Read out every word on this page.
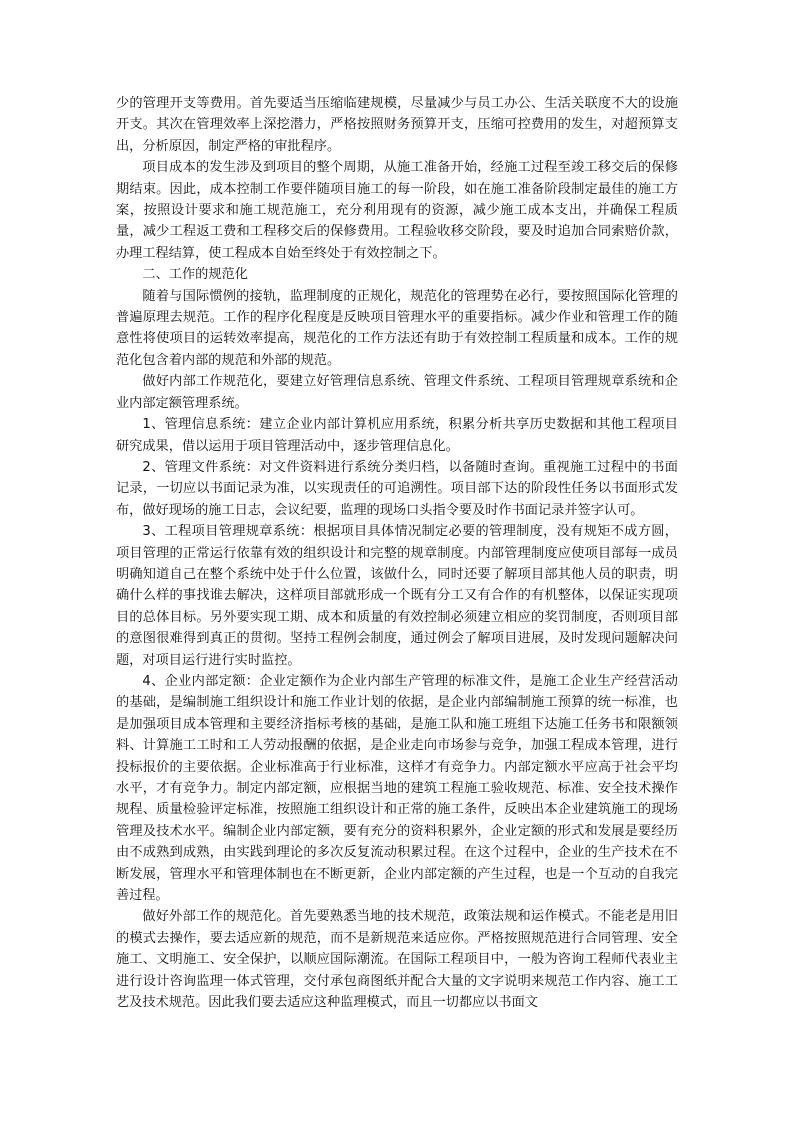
少的管理开支等费用。首先要适当压缩临建规模，尽量减少与员工办公、生活关联度不大的设施开支。其次在管理效率上深挖潜力，严格按照财务预算开支，压缩可控费用的发生，对超预算支出，分析原因，制定严格的审批程序。

项目成本的发生涉及到项目的整个周期，从施工准备开始，经施工过程至竣工移交后的保修期结束。因此，成本控制工作要伴随项目施工的每一阶段，如在施工准备阶段制定最佳的施工方案，按照设计要求和施工规范施工，充分利用现有的资源，减少施工成本支出，并确保工程质量，减少工程返工费和工程移交后的保修费用。工程验收移交阶段，要及时追加合同索赔价款，办理工程结算，使工程成本自始至终处于有效控制之下。

二、工作的规范化

随着与国际惯例的接轨，监理制度的正规化，规范化的管理势在必行，要按照国际化管理的普遍原理去规范。工作的程序化程度是反映项目管理水平的重要指标。减少作业和管理工作的随意性将使项目的运转效率提高，规范化的工作方法还有助于有效控制工程质量和成本。工作的规范化包含着内部的规范和外部的规范。

做好内部工作规范化，要建立好管理信息系统、管理文件系统、工程项目管理规章系统和企业内部定额管理系统。

1、管理信息系统：建立企业内部计算机应用系统，积累分析共享历史数据和其他工程项目研究成果，借以运用于项目管理活动中，逐步管理信息化。

2、管理文件系统：对文件资料进行系统分类归档，以备随时查询。重视施工过程中的书面记录，一切应以书面记录为准，以实现责任的可追溯性。项目部下达的阶段性任务以书面形式发布，做好现场的施工日志，会议纪要，监理的现场口头指令要及时作书面记录并签字认可。

3、工程项目管理规章系统：根据项目具体情况制定必要的管理制度，没有规矩不成方圆，项目管理的正常运行依靠有效的组织设计和完整的规章制度。内部管理制度应使项目部每一成员明确知道自己在整个系统中处于什么位置，该做什么，同时还要了解项目部其他人员的职责，明确什么样的事找谁去解决，这样项目部就形成一个既有分工又有合作的有机整体，以保证实现项目的总体目标。另外要实现工期、成本和质量的有效控制必须建立相应的奖罚制度，否则项目部的意图很难得到真正的贯彻。坚持工程例会制度，通过例会了解项目进展，及时发现问题解决问题，对项目运行进行实时监控。

4、企业内部定额：企业定额作为企业内部生产管理的标准文件，是施工企业生产经营活动的基础，是编制施工组织设计和施工作业计划的依据，是企业内部编制施工预算的统一标准，也是加强项目成本管理和主要经济指标考核的基础，是施工队和施工班组下达施工任务书和限额领料、计算施工工时和工人劳动报酬的依据，是企业走向市场参与竞争，加强工程成本管理，进行投标报价的主要依据。企业标准高于行业标准，这样才有竞争力。内部定额水平应高于社会平均水平，才有竞争力。制定内部定额，应根据当地的建筑工程施工验收规范、标准、安全技术操作规程、质量检验评定标准，按照施工组织设计和正常的施工条件，反映出本企业建筑施工的现场管理及技术水平。编制企业内部定额，要有充分的资料积累外，企业定额的形式和发展是要经历由不成熟到成熟，由实践到理论的多次反复流动积累过程。在这个过程中，企业的生产技术在不断发展，管理水平和管理体制也在不断更新，企业内部定额的产生过程，也是一个互动的自我完善过程。

做好外部工作的规范化。首先要熟悉当地的技术规范，政策法规和运作模式。不能老是用旧的模式去操作，要去适应新的规范，而不是新规范来适应你。严格按照规范进行合同管理、安全施工、文明施工、安全保护，以顺应国际潮流。在国际工程项目中，一般为咨询工程师代表业主进行设计咨询监理一体式管理，交付承包商图纸并配合大量的文字说明来规范工作内容、施工工艺及技术规范。因此我们要去适应这种监理模式，而且一切都应以书面文
